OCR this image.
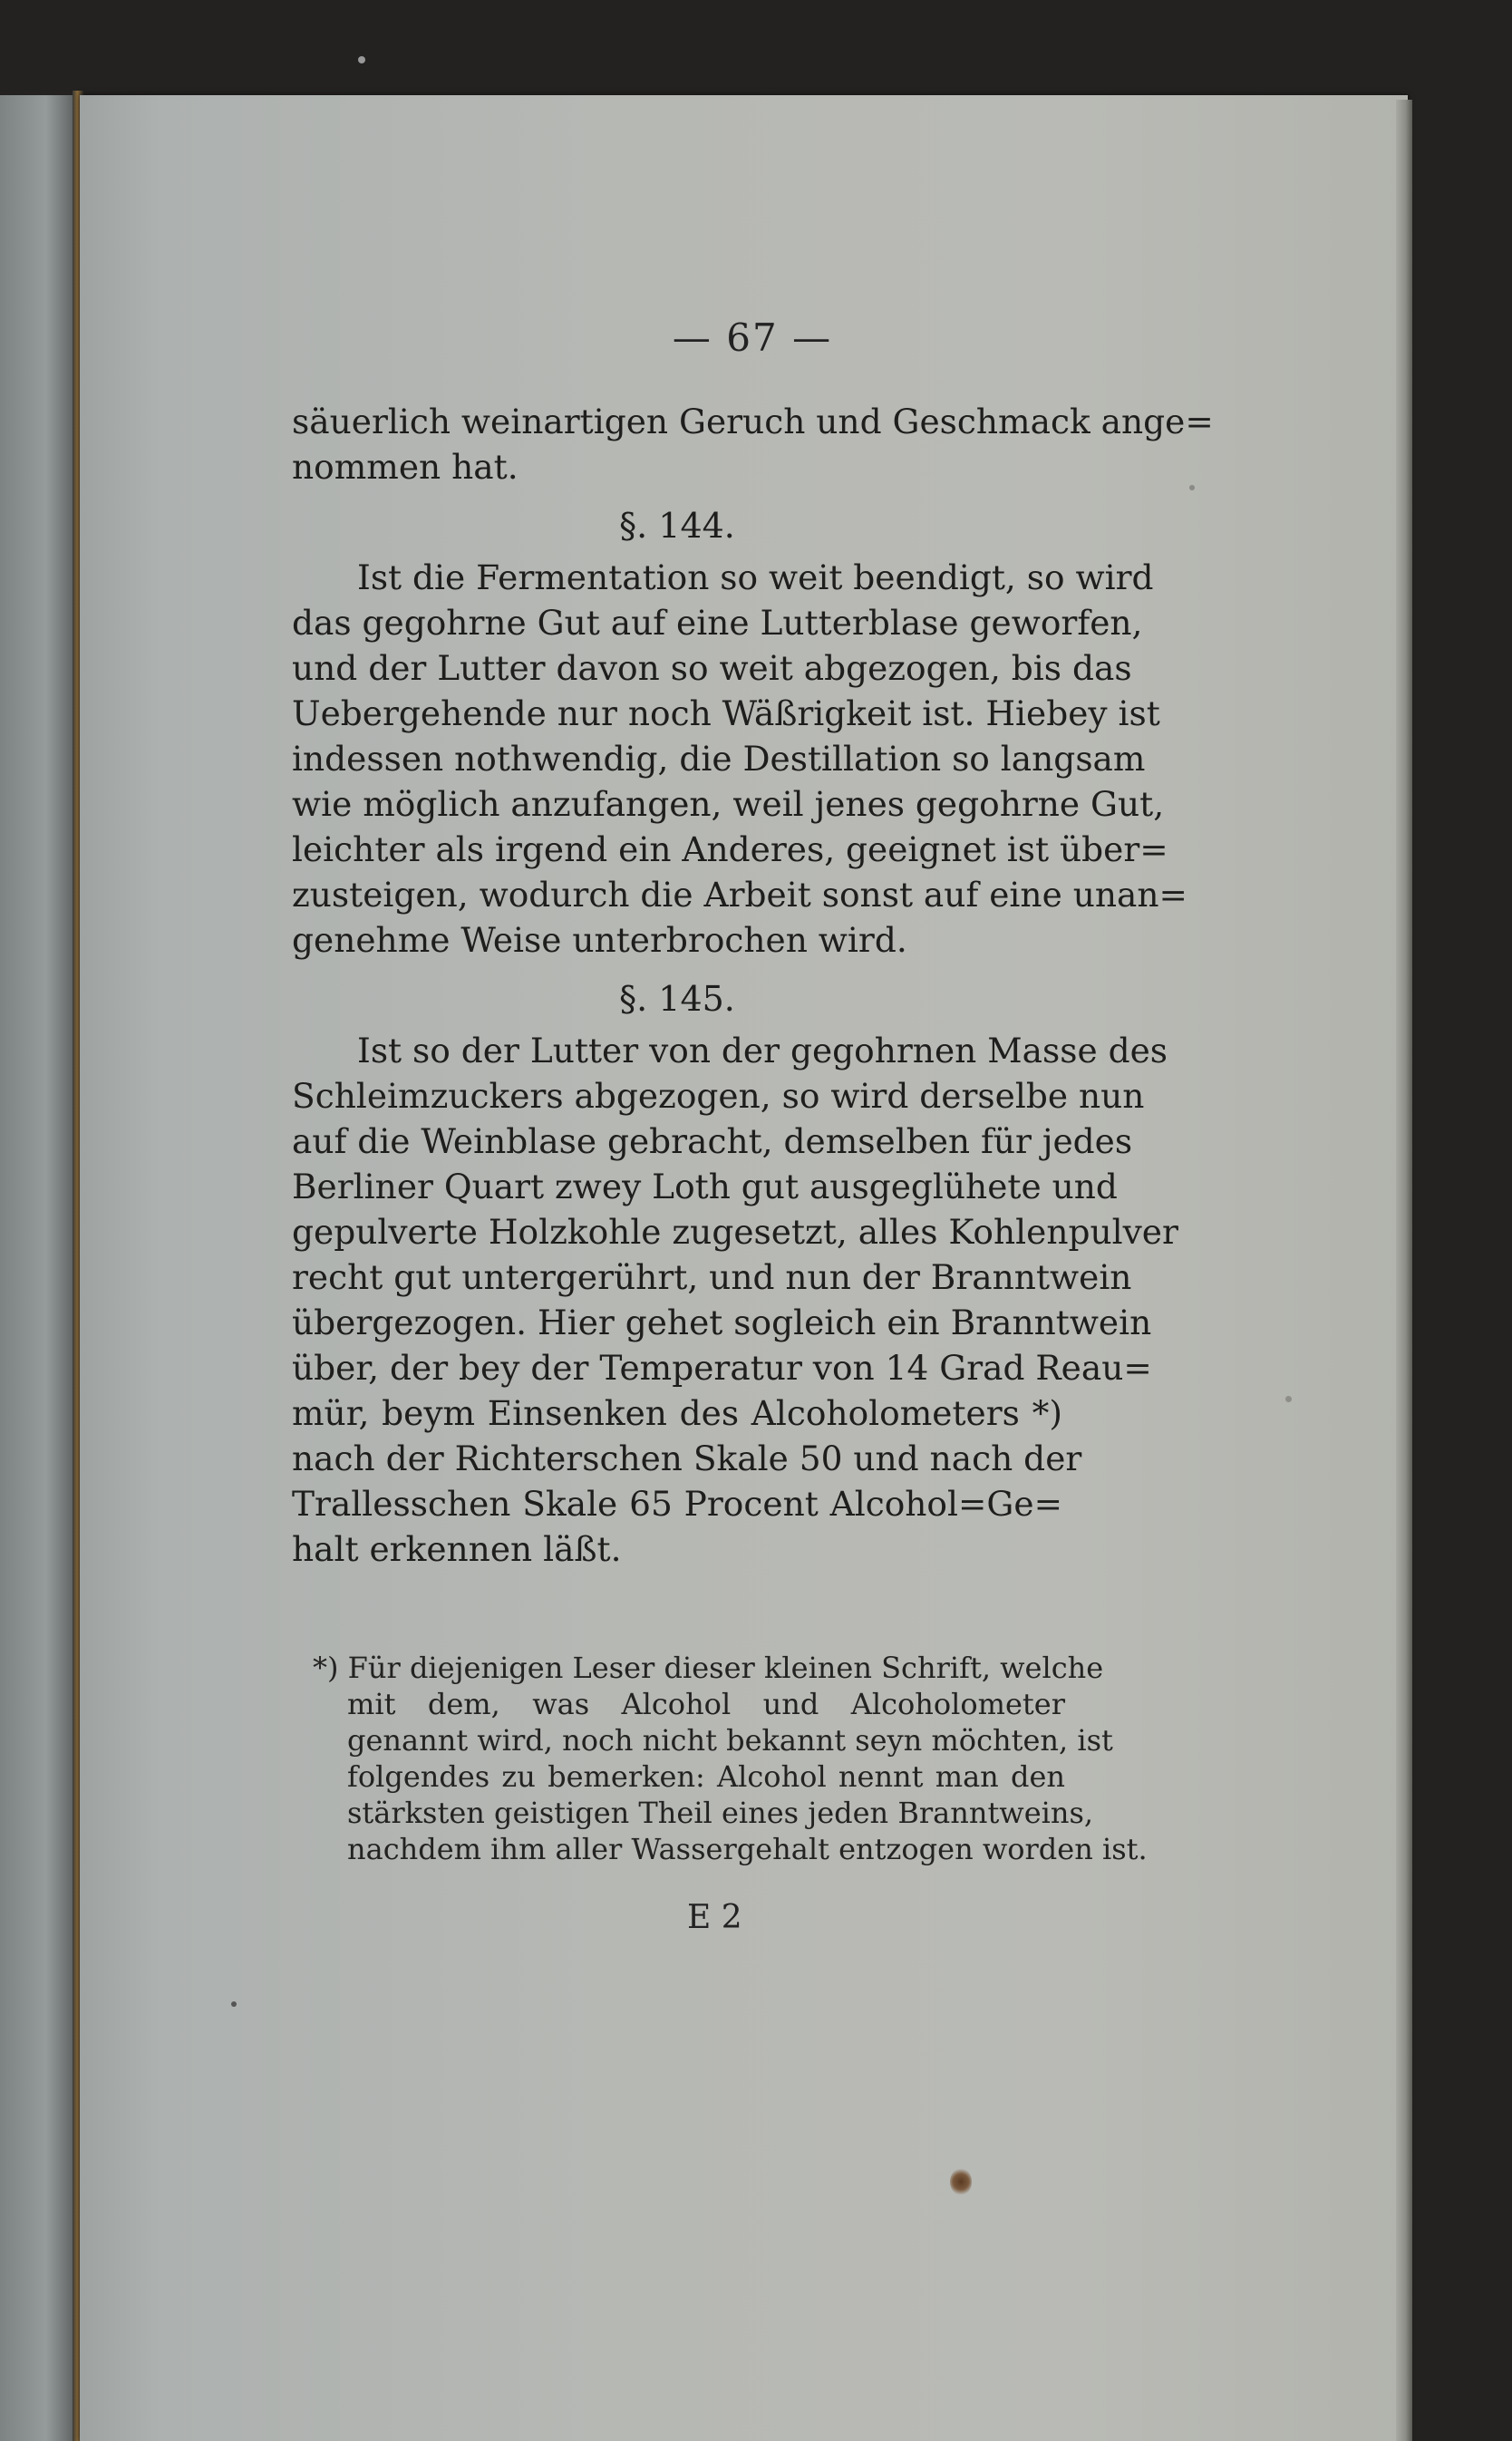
— 67 —
säuerlich weinartigen Geruch und Geschmack ange=
nommen hat.
§. 144.
Ist die Fermentation so weit beendigt, so wird
das gegohrne Gut auf eine Lutterblase geworfen,
und der Lutter davon so weit abgezogen, bis das
Uebergehende nur noch Wäßrigkeit ist. Hiebey ist
indessen nothwendig, die Destillation so langsam
wie möglich anzufangen, weil jenes gegohrne Gut,
leichter als irgend ein Anderes, geeignet ist über=
zusteigen, wodurch die Arbeit sonst auf eine unan=
genehme Weise unterbrochen wird.
§. 145.
Ist so der Lutter von der gegohrnen Masse des
Schleimzuckers abgezogen, so wird derselbe nun
auf die Weinblase gebracht, demselben für jedes
Berliner Quart zwey Loth gut ausgeglühete und
gepulverte Holzkohle zugesetzt, alles Kohlenpulver
recht gut untergerührt, und nun der Branntwein
übergezogen. Hier gehet sogleich ein Branntwein
über, der bey der Temperatur von 14 Grad Reau=
mür, beym Einsenken des Alcoholometers *)
nach der Richterschen Skale 50 und nach der
Trallesschen Skale 65 Procent Alcohol=Ge=
halt erkennen läßt.
*) Für diejenigen Leser dieser kleinen Schrift, welche
mit dem, was Alcohol und Alcoholometer
genannt wird, noch nicht bekannt seyn möchten, ist
folgendes zu bemerken: Alcohol nennt man den
stärksten geistigen Theil eines jeden Branntweins,
nachdem ihm aller Wassergehalt entzogen worden ist.
E 2
